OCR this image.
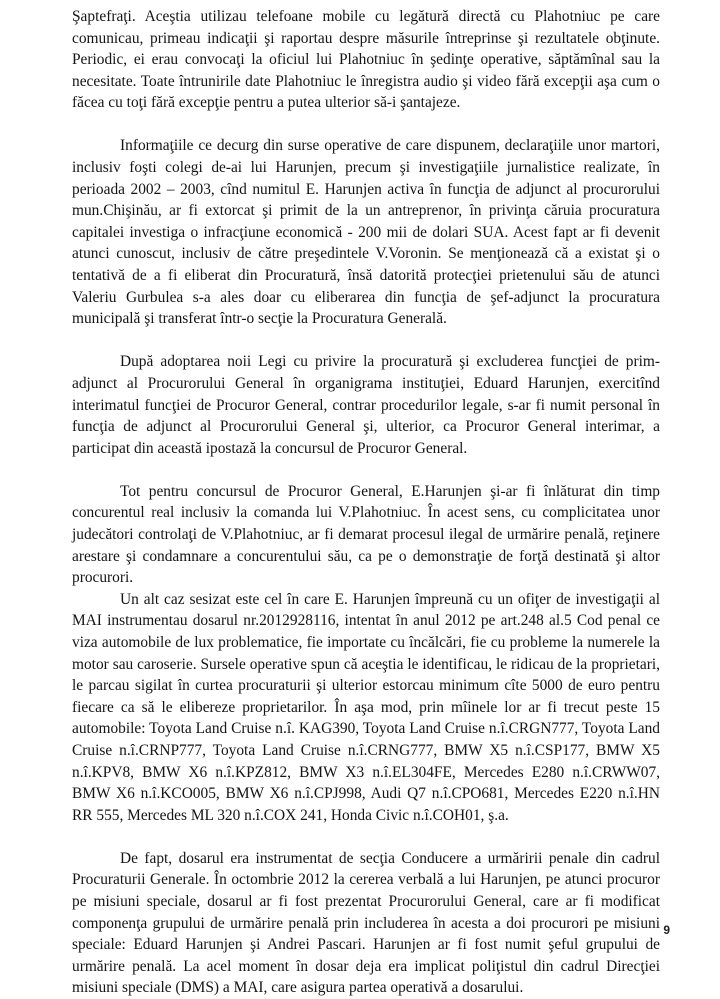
Şaptefraţi. Aceştia utilizau telefoane mobile cu legătură directă cu Plahotniuc pe care comunicau, primeau indicaţii şi raportau despre măsurile întreprinse şi rezultatele obţinute. Periodic, ei erau convocaţi la oficiul lui Plahotniuc în şedinţe operative, săptămînal sau la necesitate. Toate întrunirile date Plahotniuc le înregistra audio şi video fără excepţii aşa cum o făcea cu toţi fără excepţie pentru a putea ulterior să-i şantajeze.

Informaţiile ce decurg din surse operative de care dispunem, declaraţiile unor martori, inclusiv foşti colegi de-ai lui Harunjen, precum şi investigaţiile jurnalistice realizate, în perioada 2002 – 2003, cînd numitul E. Harunjen activa în funcţia de adjunct al procurorului mun.Chişinău, ar fi extorcat şi primit de la un antreprenor, în privinţa căruia procuratura capitalei investiga o infracţiune economică - 200 mii de dolari SUA. Acest fapt ar fi devenit atunci cunoscut, inclusiv de către preşedintele V.Voronin. Se menţionează că a existat şi o tentativă de a fi eliberat din Procuratură, însă datorită protecţiei prietenului său de atunci Valeriu Gurbulea s-a ales doar cu eliberarea din funcţia de şef-adjunct la procuratura municipală şi transferat într-o secţie la Procuratura Generală.

După adoptarea noii Legi cu privire la procuratură şi excluderea funcţiei de prim-adjunct al Procurorului General în organigrama instituţiei, Eduard Harunjen, exercitînd interimatul funcţiei de Procuror General, contrar procedurilor legale, s-ar fi numit personal în funcţia de adjunct al Procurorului General şi, ulterior, ca Procuror General interimar, a participat din această ipostază la concursul de Procuror General.

Tot pentru concursul de Procuror General, E.Harunjen şi-ar fi înlăturat din timp concurentul real inclusiv la comanda lui V.Plahotniuc. În acest sens, cu complicitatea unor judecători controlaţi de V.Plahotniuc, ar fi demarat procesul ilegal de urmărire penală, reţinere arestare şi condamnare a concurentului său, ca pe o demonstraţie de forţă destinată şi altor procurori.

Un alt caz sesizat este cel în care E. Harunjen împreună cu un ofiţer de investigaţii al MAI instrumentau dosarul nr.2012928116, intentat în anul 2012 pe art.248 al.5 Cod penal ce viza automobile de lux problematice, fie importate cu încălcări, fie cu probleme la numerele la motor sau caroserie. Sursele operative spun că aceştia le identificau, le ridicau de la proprietari, le parcau sigilat în curtea procuraturii şi ulterior estorcau minimum cîte 5000 de euro pentru fiecare ca să le elibereze proprietarilor. În aşa mod, prin mîinele lor ar fi trecut peste 15 automobile: Toyota Land Cruise n.î. KAG390, Toyota Land Cruise n.î.CRGN777, Toyota Land Cruise n.î.CRNP777, Toyota Land Cruise n.î.CRNG777, BMW X5 n.î.CSP177, BMW X5 n.î.KPV8, BMW X6 n.î.KPZ812, BMW X3 n.î.EL304FE, Mercedes E280 n.î.CRWW07, BMW X6 n.î.KCO005, BMW X6 n.î.CPJ998, Audi Q7 n.î.CPO681, Mercedes E220 n.î.HN RR 555, Mercedes ML 320 n.î.COX 241, Honda Civic n.î.COH01, ş.a.

De fapt, dosarul era instrumentat de secţia Conducere a urmăririi penale din cadrul Procuraturii Generale. În octombrie 2012 la cererea verbală a lui Harunjen, pe atunci procuror pe misiuni speciale, dosarul ar fi fost prezentat Procurorului General, care ar fi modificat componenţa grupului de urmărire penală prin includerea în acesta a doi procurori pe misiuni speciale: Eduard Harunjen şi Andrei Pascari. Harunjen ar fi fost numit şeful grupului de urmărire penală. La acel moment în dosar deja era implicat poliţistul din cadrul Direcţiei misiuni speciale (DMS) a MAI, care asigura partea operativă a dosarului.

9
